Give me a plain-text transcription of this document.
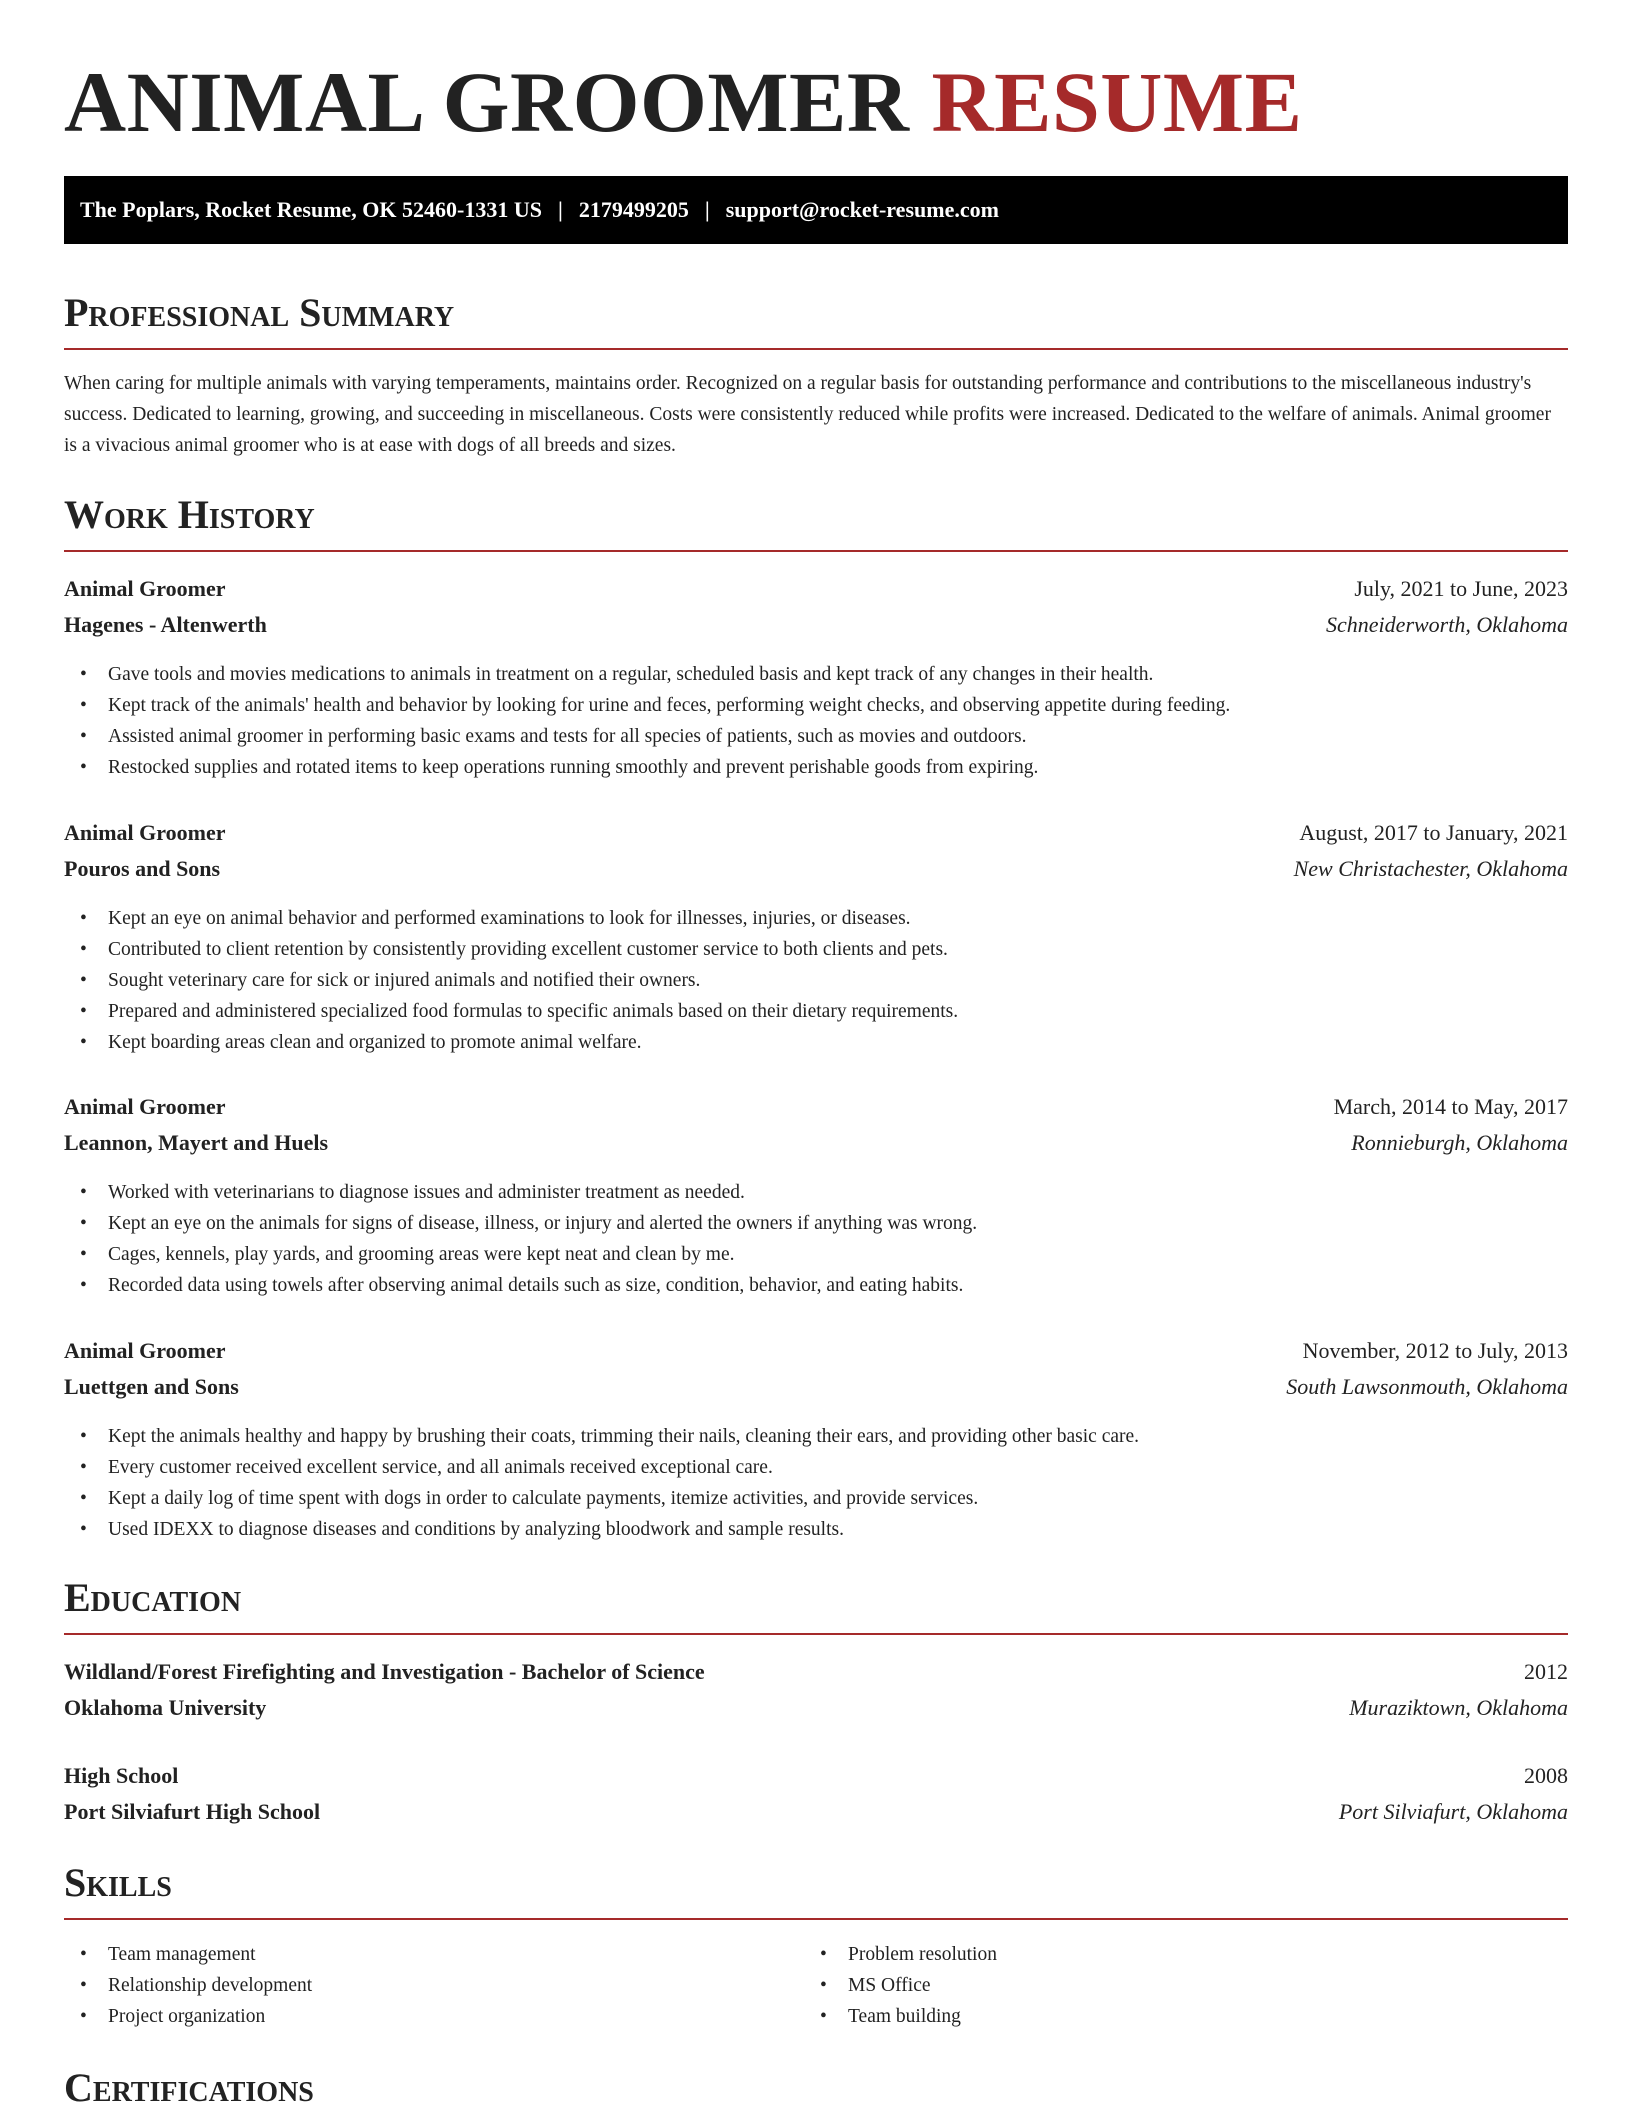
ANIMAL GROOMER RESUME
The Poplars, Rocket Resume, OK 52460-1331 US | 2179499205 | support@rocket-resume.com
Professional Summary

When caring for multiple animals with varying temperaments, maintains order. Recognized on a regular basis for outstanding performance and contributions to the miscellaneous industry's success. Dedicated to learning, growing, and succeeding in miscellaneous. Costs were consistently reduced while profits were increased. Dedicated to the welfare of animals. Animal groomer is a vivacious animal groomer who is at ease with dogs of all breeds and sizes.

Work History
Animal Groomer	July, 2021 to June, 2023
Hagenes - Altenwerth	Schneiderworth, Oklahoma
• Gave tools and movies medications to animals in treatment on a regular, scheduled basis and kept track of any changes in their health.
• Kept track of the animals' health and behavior by looking for urine and feces, performing weight checks, and observing appetite during feeding.
• Assisted animal groomer in performing basic exams and tests for all species of patients, such as movies and outdoors.
• Restocked supplies and rotated items to keep operations running smoothly and prevent perishable goods from expiring.
Animal Groomer	August, 2017 to January, 2021
Pouros and Sons	New Christachester, Oklahoma
• Kept an eye on animal behavior and performed examinations to look for illnesses, injuries, or diseases.
• Contributed to client retention by consistently providing excellent customer service to both clients and pets.
• Sought veterinary care for sick or injured animals and notified their owners.
• Prepared and administered specialized food formulas to specific animals based on their dietary requirements.
• Kept boarding areas clean and organized to promote animal welfare.
Animal Groomer	March, 2014 to May, 2017
Leannon, Mayert and Huels	Ronnieburgh, Oklahoma
• Worked with veterinarians to diagnose issues and administer treatment as needed.
• Kept an eye on the animals for signs of disease, illness, or injury and alerted the owners if anything was wrong.
• Cages, kennels, play yards, and grooming areas were kept neat and clean by me.
• Recorded data using towels after observing animal details such as size, condition, behavior, and eating habits.
Animal Groomer	November, 2012 to July, 2013
Luettgen and Sons	South Lawsonmouth, Oklahoma
• Kept the animals healthy and happy by brushing their coats, trimming their nails, cleaning their ears, and providing other basic care.
• Every customer received excellent service, and all animals received exceptional care.
• Kept a daily log of time spent with dogs in order to calculate payments, itemize activities, and provide services.
• Used IDEXX to diagnose diseases and conditions by analyzing bloodwork and sample results.
Education
Wildland/Forest Firefighting and Investigation - Bachelor of Science	2012
Oklahoma University	Muraziktown, Oklahoma
High School	2008
Port Silviafurt High School	Port Silviafurt, Oklahoma
Skills
• Team management
• Relationship development
• Project organization
• Problem resolution
• MS Office
• Team building
Certifications
